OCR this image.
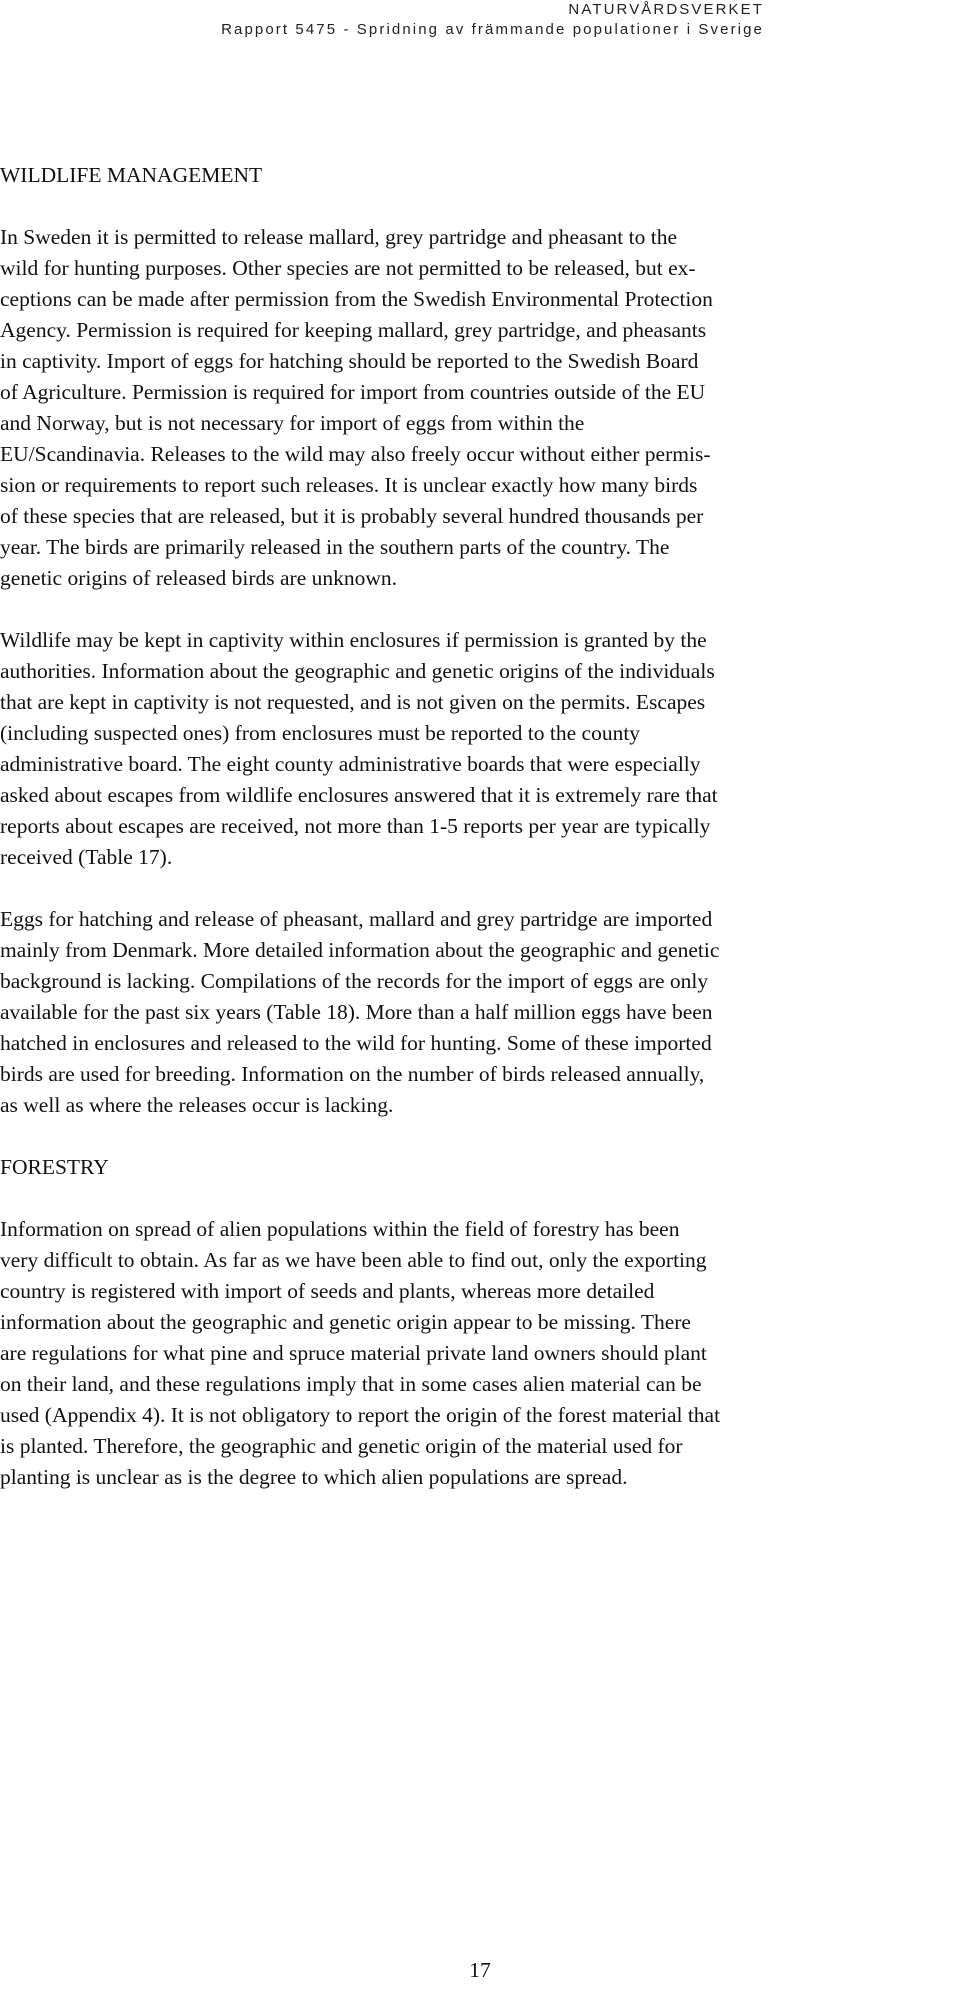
NATURVÅRDSVERKET
Rapport 5475 - Spridning av främmande populationer i Sverige
WILDLIFE MANAGEMENT

In Sweden it is permitted to release mallard, grey partridge and pheasant to the
wild for hunting purposes. Other species are not permitted to be released, but ex-
ceptions can be made after permission from the Swedish Environmental Protection
Agency. Permission is required for keeping mallard, grey partridge, and pheasants
in captivity. Import of eggs for hatching should be reported to the Swedish Board
of Agriculture. Permission is required for import from countries outside of the EU
and Norway, but is not necessary for import of eggs from within the
EU/Scandinavia. Releases to the wild may also freely occur without either permis-
sion or requirements to report such releases. It is unclear exactly how many birds
of these species that are released, but it is probably several hundred thousands per
year. The birds are primarily released in the southern parts of the country. The
genetic origins of released birds are unknown.

Wildlife may be kept in captivity within enclosures if permission is granted by the
authorities. Information about the geographic and genetic origins of the individuals
that are kept in captivity is not requested, and is not given on the permits. Escapes
(including suspected ones) from enclosures must be reported to the county
administrative board. The eight county administrative boards that were especially
asked about escapes from wildlife enclosures answered that it is extremely rare that
reports about escapes are received, not more than 1-5 reports per year are typically
received (Table 17).

Eggs for hatching and release of pheasant, mallard and grey partridge are imported
mainly from Denmark. More detailed information about the geographic and genetic
background is lacking. Compilations of the records for the import of eggs are only
available for the past six years (Table 18). More than a half million eggs have been
hatched in enclosures and released to the wild for hunting. Some of these imported
birds are used for breeding. Information on the number of birds released annually,
as well as where the releases occur is lacking.

FORESTRY

Information on spread of alien populations within the field of forestry has been
very difficult to obtain. As far as we have been able to find out, only the exporting
country is registered with import of seeds and plants, whereas more detailed
information about the geographic and genetic origin appear to be missing. There
are regulations for what pine and spruce material private land owners should plant
on their land, and these regulations imply that in some cases alien material can be
used (Appendix 4). It is not obligatory to report the origin of the forest material that
is planted. Therefore, the geographic and genetic origin of the material used for
planting is unclear as is the degree to which alien populations are spread.

17
